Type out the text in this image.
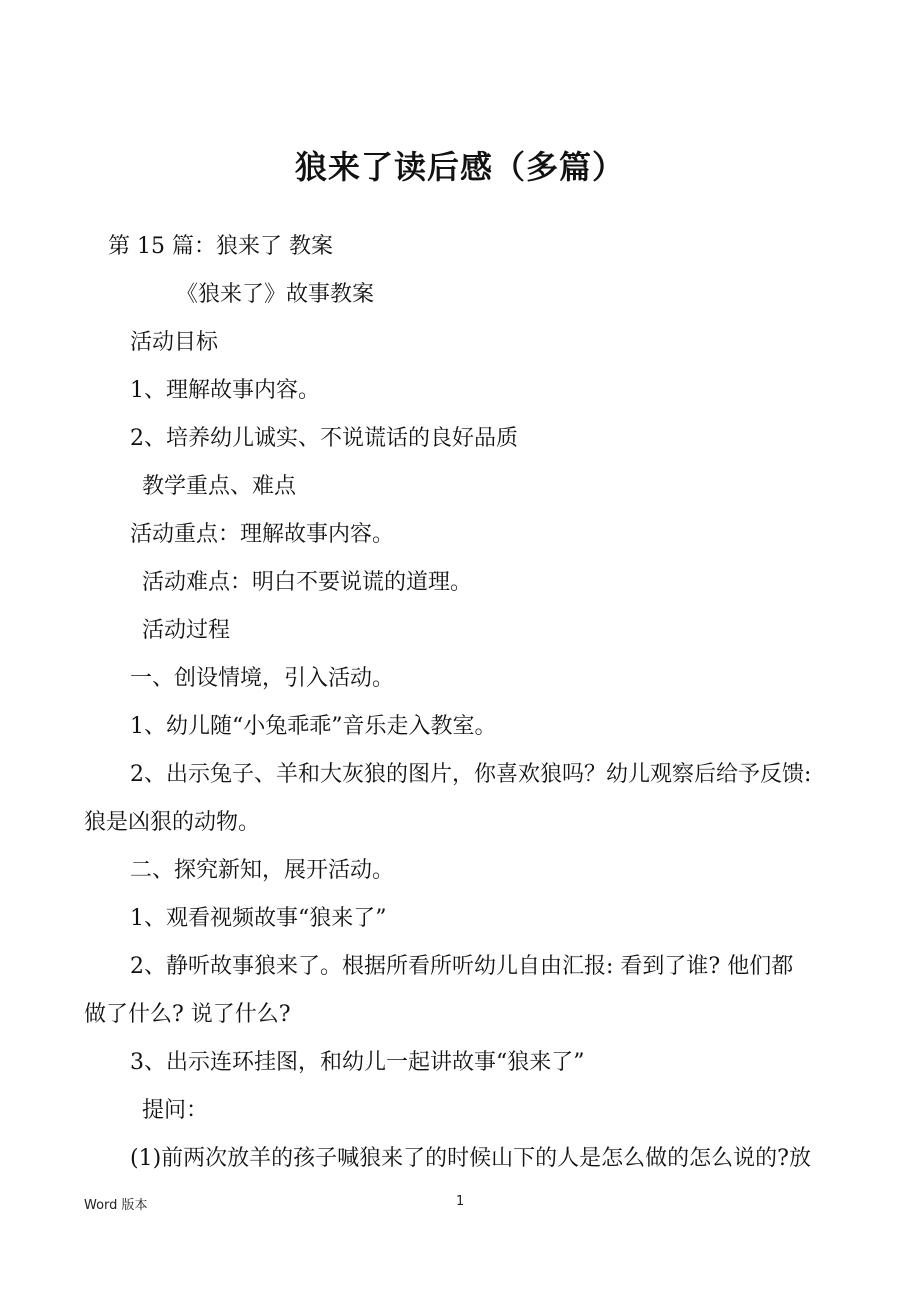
狼来了读后感（多篇）
第 15 篇：狼来了 教案
《狼来了》故事教案
活动目标
1、理解故事内容。
2、培养幼儿诚实、不说谎话的良好品质
教学重点、难点
活动重点：理解故事内容。
活动难点：明白不要说谎的道理。
活动过程
一、创设情境，引入活动。
1、幼儿随“小兔乖乖”音乐走入教室。
2、出示兔子、羊和大灰狼的图片，你喜欢狼吗？幼儿观察后给予反馈:
狼是凶狠的动物。
二、探究新知，展开活动。
1、观看视频故事“狼来了”
2、静听故事狼来了。根据所看所听幼儿自由汇报: 看到了谁? 他们都
做了什么? 说了什么?
3、出示连环挂图，和幼儿一起讲故事“狼来了”
提问：
(1)前两次放羊的孩子喊狼来了的时候山下的人是怎么做的怎么说的?放
Word 版本	1
